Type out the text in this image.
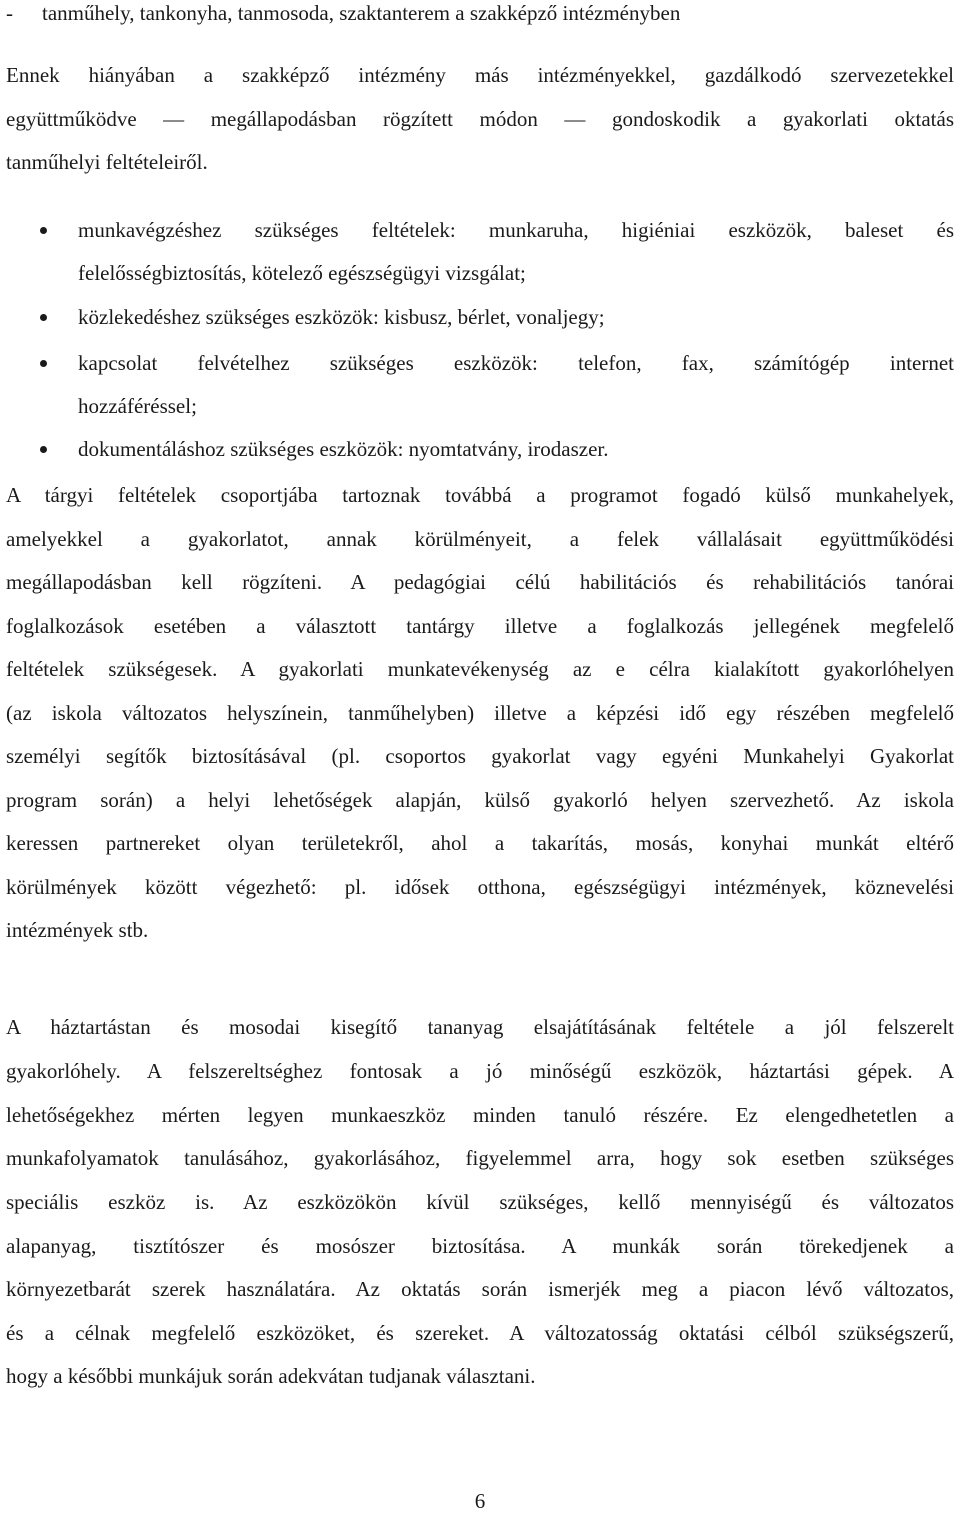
- tanműhely, tankonyha, tanmosoda, szaktanterem a szakképző intézményben
Ennek hiányában a szakképző intézmény más intézményekkel, gazdálkodó szervezetekkel
együttműködve — megállapodásban rögzített módon — gondoskodik a gyakorlati oktatás
tanműhelyi feltételeiről.
munkavégzéshez szükséges feltételek: munkaruha, higiéniai eszközök, baleset és
felelősségbiztosítás, kötelező egészségügyi vizsgálat;
közlekedéshez szükséges eszközök: kisbusz, bérlet, vonaljegy;
kapcsolat felvételhez szükséges eszközök: telefon, fax, számítógép internet
hozzáféréssel;
dokumentáláshoz szükséges eszközök: nyomtatvány, irodaszer.
A tárgyi feltételek csoportjába tartoznak továbbá a programot fogadó külső munkahelyek,
amelyekkel a gyakorlatot, annak körülményeit, a felek vállalásait együttműködési
megállapodásban kell rögzíteni. A pedagógiai célú habilitációs és rehabilitációs tanórai
foglalkozások esetében a választott tantárgy illetve a foglalkozás jellegének megfelelő
feltételek szükségesek. A gyakorlati munkatevékenység az e célra kialakított gyakorlóhelyen
(az iskola változatos helyszínein, tanműhelyben) illetve a képzési idő egy részében megfelelő
személyi segítők biztosításával (pl. csoportos gyakorlat vagy egyéni Munkahelyi Gyakorlat
program során) a helyi lehetőségek alapján, külső gyakorló helyen szervezhető. Az iskola
keressen partnereket olyan területekről, ahol a takarítás, mosás, konyhai munkát eltérő
körülmények között végezhető: pl. idősek otthona, egészségügyi intézmények, köznevelési
intézmények stb.
A háztartástan és mosodai kisegítő tananyag elsajátításának feltétele a jól felszerelt
gyakorlóhely. A felszereltséghez fontosak a jó minőségű eszközök, háztartási gépek. A
lehetőségekhez mérten legyen munkaeszköz minden tanuló részére. Ez elengedhetetlen a
munkafolyamatok tanulásához, gyakorlásához, figyelemmel arra, hogy sok esetben szükséges
speciális eszköz is. Az eszközökön kívül szükséges, kellő mennyiségű és változatos
alapanyag, tisztítószer és mosószer biztosítása. A munkák során törekedjenek a
környezetbarát szerek használatára. Az oktatás során ismerjék meg a piacon lévő változatos,
és a célnak megfelelő eszközöket, és szereket. A változatosság oktatási célból szükségszerű,
hogy a későbbi munkájuk során adekvátan tudjanak választani.
6
